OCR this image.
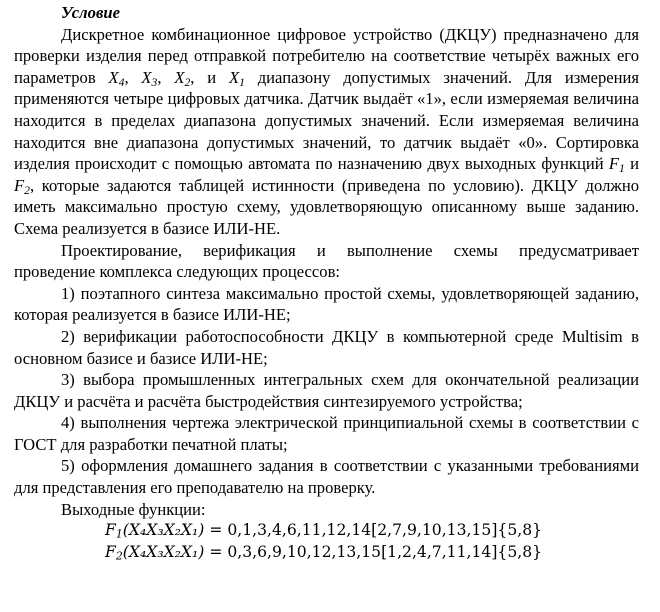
Условие

Дискретное комбинационное цифровое устройство (ДКЦУ) предназначено для проверки изделия перед отправкой потребителю на соответствие четырёх важных его параметров $X_4$, $X_3$, $X_2$, и $X_1$ диапазону допустимых значений. Для измерения применяются четыре цифровых датчика. Датчик выдаёт «1», если измеряемая величина находится в пределах диапазона допустимых значений. Если измеряемая величина находится вне диапазона допустимых значений, то датчик выдаёт «0». Сортировка изделия происходит с помощью автомата по назначению двух выходных функций $F_1$ и $F_2$, которые задаются таблицей истинности (приведена по условию). ДКЦУ должно иметь максимально простую схему, удовлетворяющую описанному выше заданию. Схема реализуется в базисе ИЛИ-НЕ.

Проектирование, верификация и выполнение схемы предусматривает проведение комплекса следующих процессов:

1) поэтапного синтеза максимально простой схемы, удовлетворяющей заданию, которая реализуется в базисе ИЛИ-НЕ;

2) верификации работоспособности ДКЦУ в компьютерной среде Multisim в основном базисе и базисе ИЛИ-НЕ;

3) выбора промышленных интегральных схем для окончательной реализации ДКЦУ и расчёта и расчёта быстродействия синтезируемого устройства;

4) выполнения чертежа электрической принципиальной схемы в соответствии с ГОСТ для разработки печатной платы;

5) оформления домашнего задания в соответствии с указанными требованиями для представления его преподавателю на проверку.

Выходные функции:

$F_1(X_4X_3X_2X_1) = 0,1,3,4,6,11,12,14[2,7,9,10,13,15]\{5,8\}$

$F_2(X_4X_3X_2X_1) = 0,3,6,9,10,12,13,15[1,2,4,7,11,14]\{5,8\}$
